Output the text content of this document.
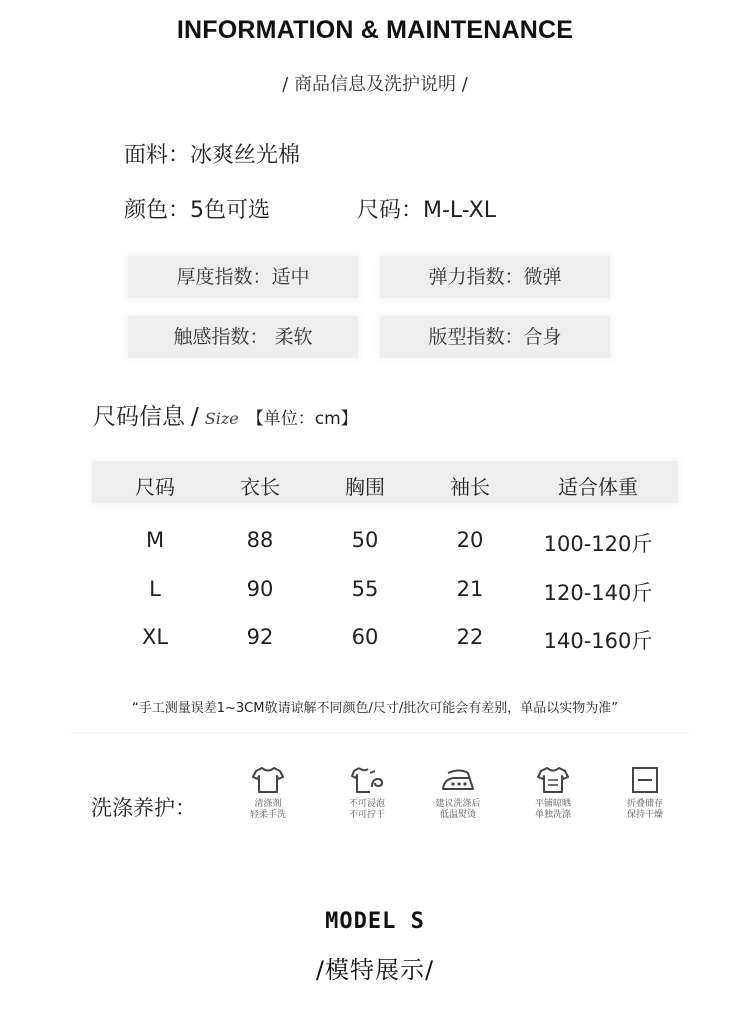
INFORMATION & MAINTENANCE
/ 商品信息及洗护说明 /
面料：冰爽丝光棉
颜色：5色可选	尺码：M-L-XL
厚度指数：适中	弹力指数：微弹
触感指数： 柔软	版型指数：合身
尺码信息 / Size 【单位：cm】
尺码	衣长	胸围	袖长	适合体重
M	88	50	20	100-120斤
L	90	55	21	120-140斤
XL	92	60	22	140-160斤
“手工测量误差1~3CM敬请谅解不同颜色/尺寸/批次可能会有差别，单品以实物为准”
洗涤养护：	清涤剂
轻柔手洗
不可浸泡
不可拧干
建议洗涤后
低温熨烫
平铺晾晒
单独洗涤
折叠储存
保持干燥
MODEL S
/模特展示/
